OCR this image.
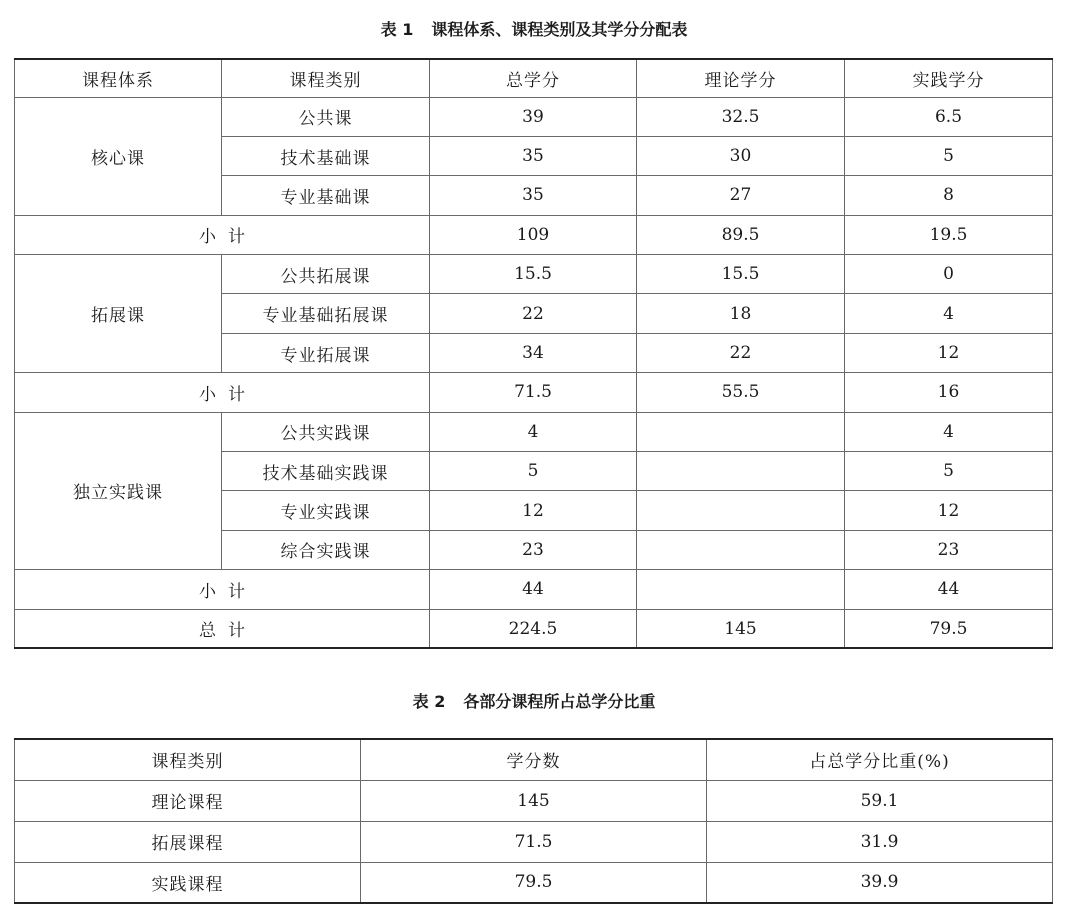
表 1 课程体系、课程类别及其学分分配表
课程体系	课程类别	总学分	理论学分	实践学分
核心课	公共课	39	32.5	6.5
	技术基础课	35	30	5
	专业基础课	35	27	8
小计		109	89.5	19.5
拓展课	公共拓展课	15.5	15.5	0
	专业基础拓展课	22	18	4
	专业拓展课	34	22	12
小计		71.5	55.5	16
独立实践课	公共实践课	4		4
	技术基础实践课	5		5
	专业实践课	12		12
	综合实践课	23		23
小计		44		44
总计		224.5	145	79.5
表 2 各部分课程所占总学分比重
课程类别	学分数	占总学分比重(%)
理论课程	145	59.1
拓展课程	71.5	31.9
实践课程	79.5	39.9
